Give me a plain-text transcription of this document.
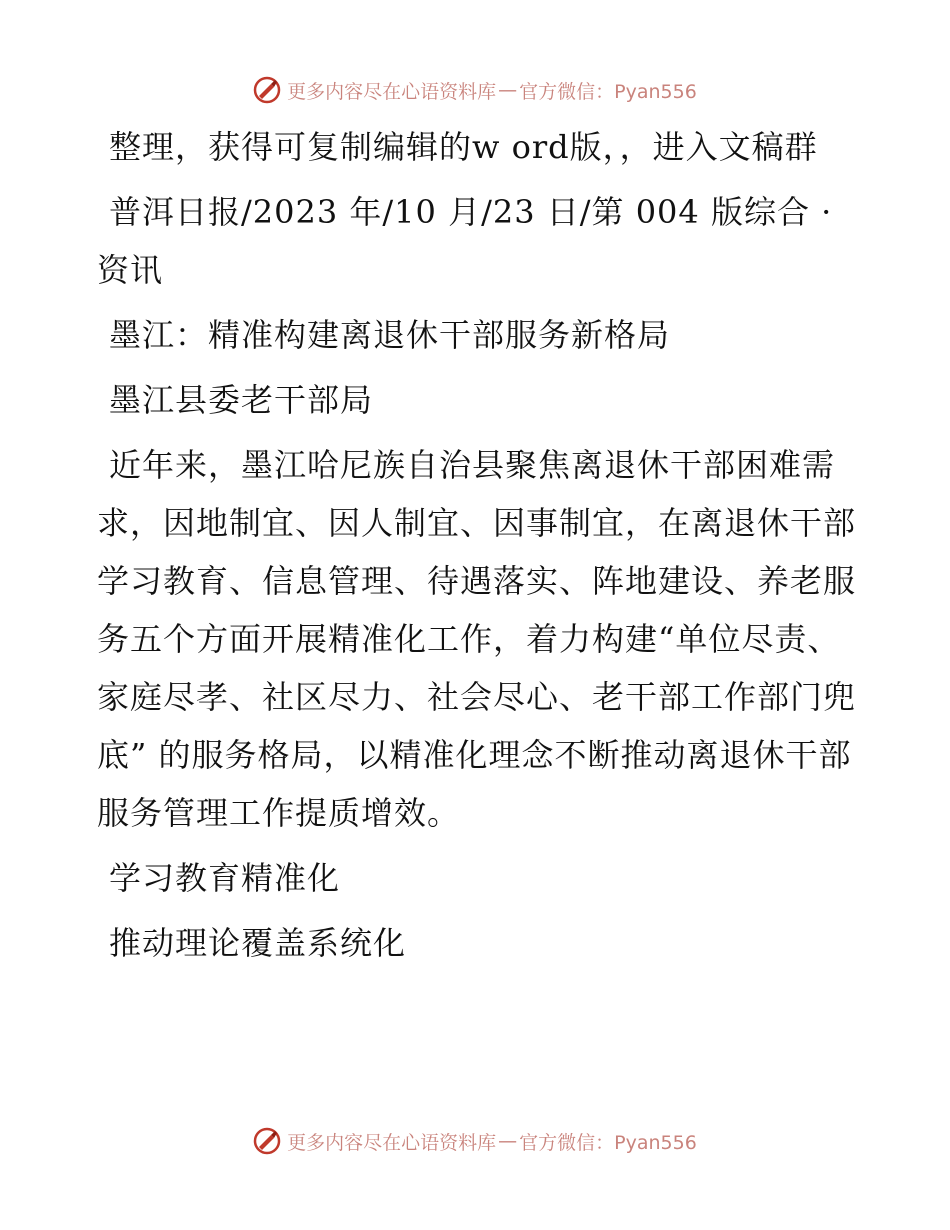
更多内容尽在心语资料库 — 官方微信：Pyan556

整理，获得可复制编辑的w ord版，，进入文稿群

普洱日报/2023 年/10 月/23 日/第 004 版综合 · 资讯

墨江：精准构建离退休干部服务新格局

墨江县委老干部局

近年来，墨江哈尼族自治县聚焦离退休干部困难需求，因地制宜、因人制宜、因事制宜，在离退休干部学习教育、信息管理、待遇落实、阵地建设、养老服务五个方面开展精准化工作，着力构建“单位尽责、家庭尽孝、社区尽力、社会尽心、老干部工作部门兜底” 的服务格局，以精准化理念不断推动离退休干部服务管理工作提质增效。

学习教育精准化

推动理论覆盖系统化

更多内容尽在心语资料库 — 官方微信：Pyan556
